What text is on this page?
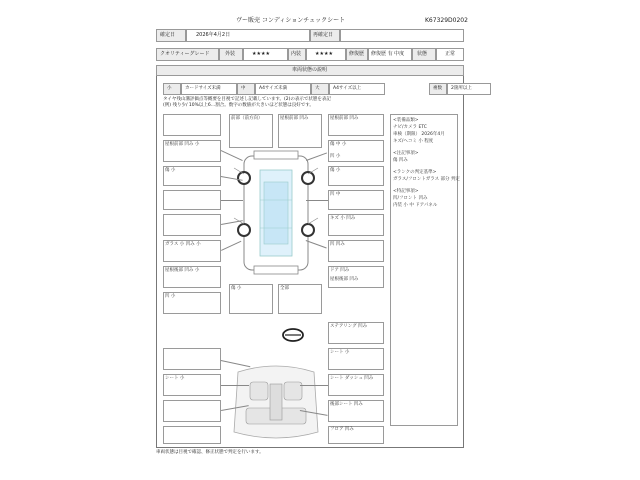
ヴー販売 コンディションチェックシート	K67329D0202
確定日	2026年4月2日	再確定日
クオリティーグレード	外装	★★★★	内装	★★★★	修復歴 修復歴 有 中度	状態	正常
車両状態の説明
小	カードサイズ未満	中	A4サイズ未満	大	A4サイズ以上	複数 2箇所以上
タイヤ残山溝評価点等概要を目視で記述し記載しています。(2)の表示で状態を表記
(例) 残り少/ 10%以上6…割合。数字の数値が大きいほど状態は良好です。
<装備品類>
ナビ/カメラ ETC
車検（期限） 2026年4月
キズ/ヘコミ 小 程度
<注記事項>
傷 凹み
<ランクの判定基準>
ガラス/フロントガラス 部分 判定
<特記事項>
凹/フロント 凹み
内装 小 中 ドアパネル
前部（前方向）	屋根前部 凹み	屋根前部 凹み
屋根前部 凹み 小	傷 中 小
傷 小	傷 小
凹 中
キズ 小 凹み
ガラス 小 凹み 小	凹 凹み
ドア 凹み
全部
傷 小
屋根後部 凹み
屋根後部 凹み 小
凹 小
凹 小
ステアリング 凹み
シート 小
シート ダッシュ 凹み
シート 小
後部シート 凹み
フロア 凹み
車両状態は目視で確認、修正状態で判定を行います。
